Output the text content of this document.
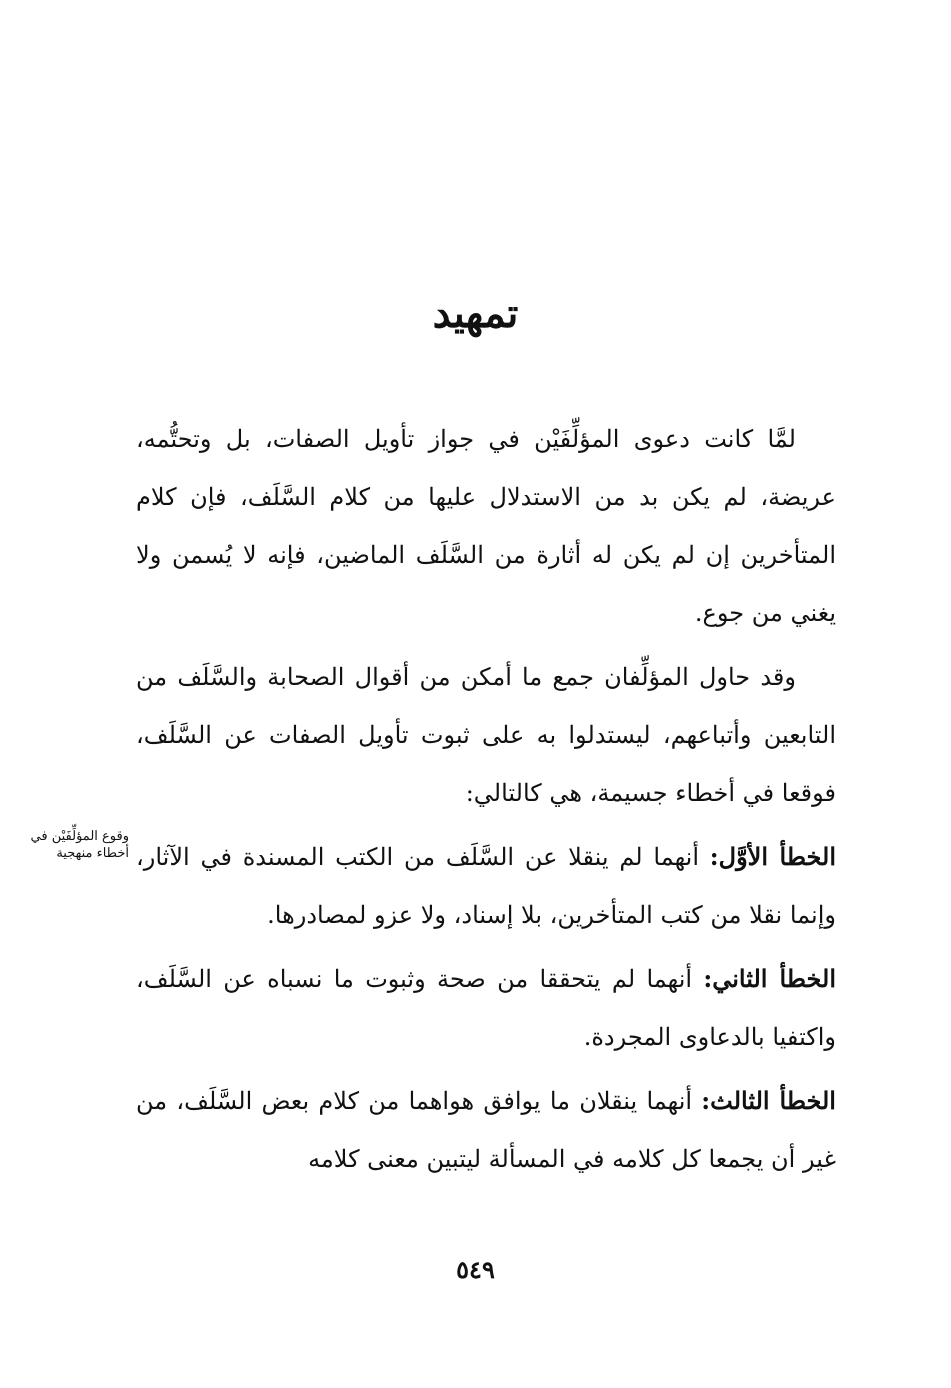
تمهيد
وقوع المؤلِّفَيْن في أخطاء منهجية

لمَّا كانت دعوى المؤلِّفَيْن في جواز تأويل الصفات، بل وتحتُّمه، عريضة، لم يكن بد من الاستدلال عليها من كلام السَّلَف، فإن كلام المتأخرين إن لم يكن له أثارة من السَّلَف الماضين، فإنه لا يُسمن ولا يغني من جوع.

وقد حاول المؤلِّفان جمع ما أمكن من أقوال الصحابة والسَّلَف من التابعين وأتباعهم، ليستدلوا به على ثبوت تأويل الصفات عن السَّلَف، فوقعا في أخطاء جسيمة، هي كالتالي:

الخطأ الأوَّل: أنهما لم ينقلا عن السَّلَف من الكتب المسندة في الآثار، وإنما نقلا من كتب المتأخرين، بلا إسناد، ولا عزو لمصادرها.

الخطأ الثاني: أنهما لم يتحققا من صحة وثبوت ما نسباه عن السَّلَف، واكتفيا بالدعاوى المجردة.

الخطأ الثالث: أنهما ينقلان ما يوافق هواهما من كلام بعض السَّلَف، من غير أن يجمعا كل كلامه في المسألة ليتبين معنى كلامه

٥٤٩
